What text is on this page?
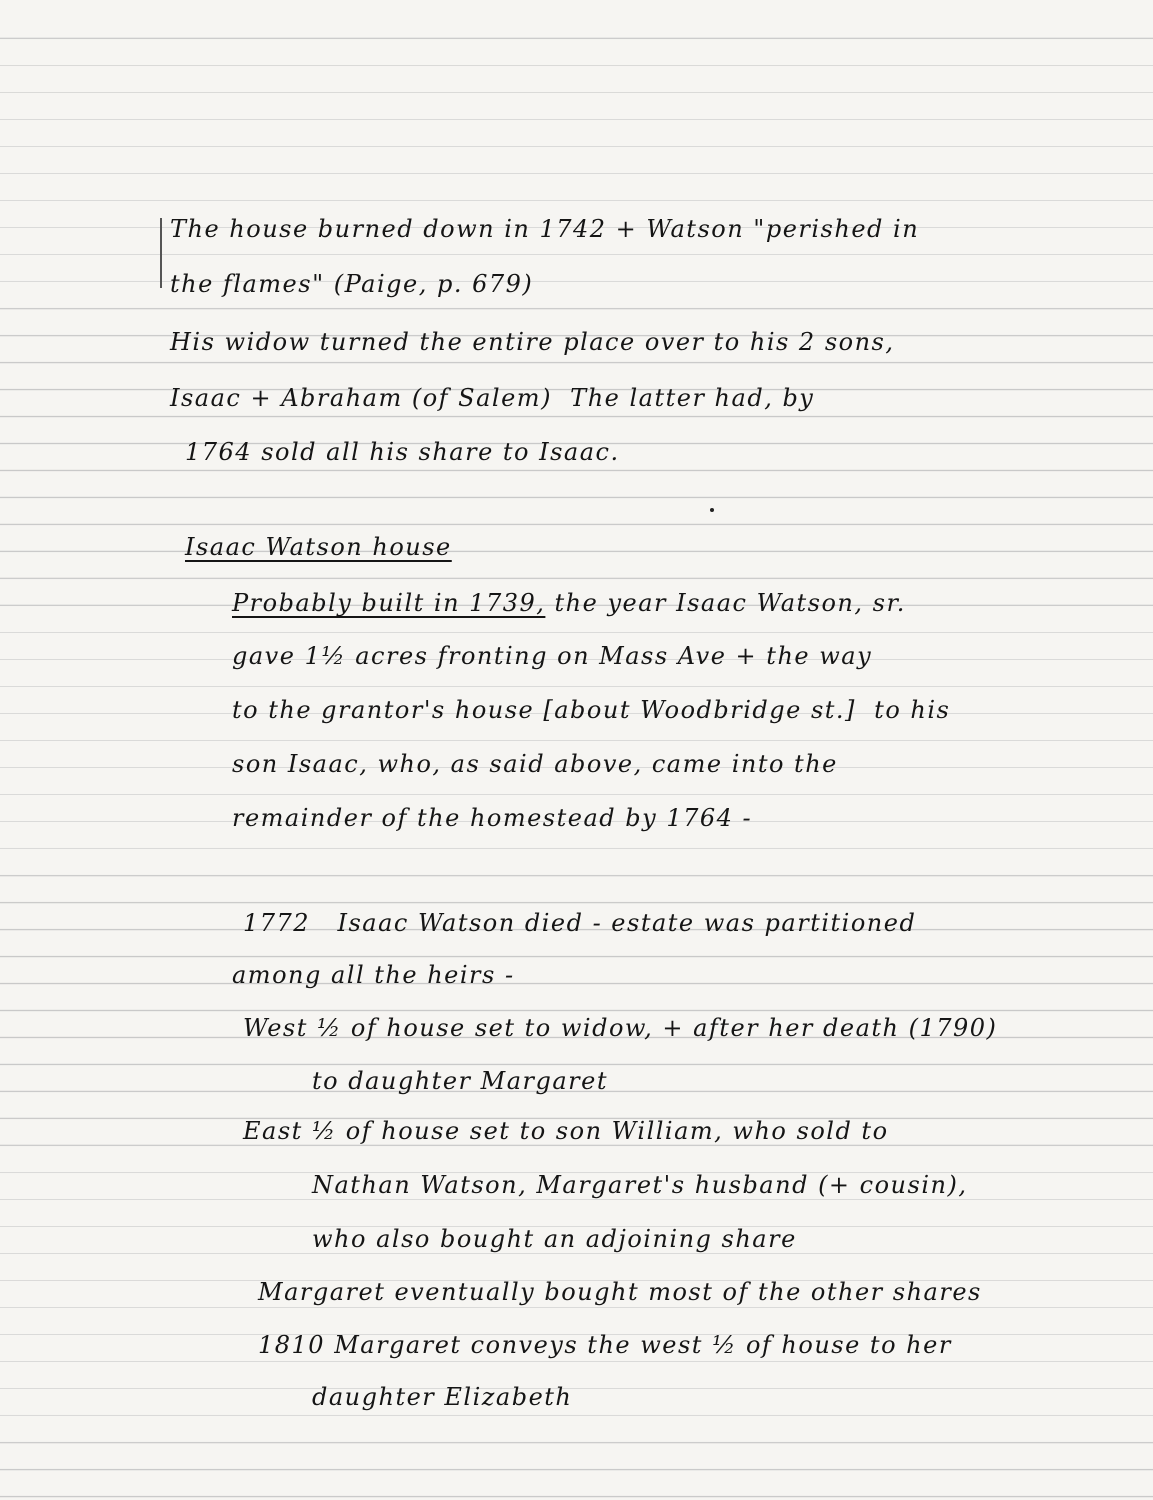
The house burned down in 1742 + Watson "perished in
the flames" (Paige, p. 679)
His widow turned the entire place over to his 2 sons,
Isaac + Abraham (of Salem)  The latter had, by
1764 sold all his share to Isaac.
Isaac Watson house
Probably built in 1739, the year Isaac Watson, sr.
gave 1½ acres fronting on Mass Ave + the way
to the grantor's house [about Woodbridge st.]  to his
son Isaac, who, as said above, came into the
remainder of the homestead by 1764 -
1772   Isaac Watson died - estate was partitioned
among all the heirs -
West ½ of house set to widow, + after her death (1790)
to daughter Margaret
East ½ of house set to son William, who sold to
Nathan Watson, Margaret's husband (+ cousin),
who also bought an adjoining share
Margaret eventually bought most of the other shares
1810 Margaret conveys the west ½ of house to her
daughter Elizabeth
